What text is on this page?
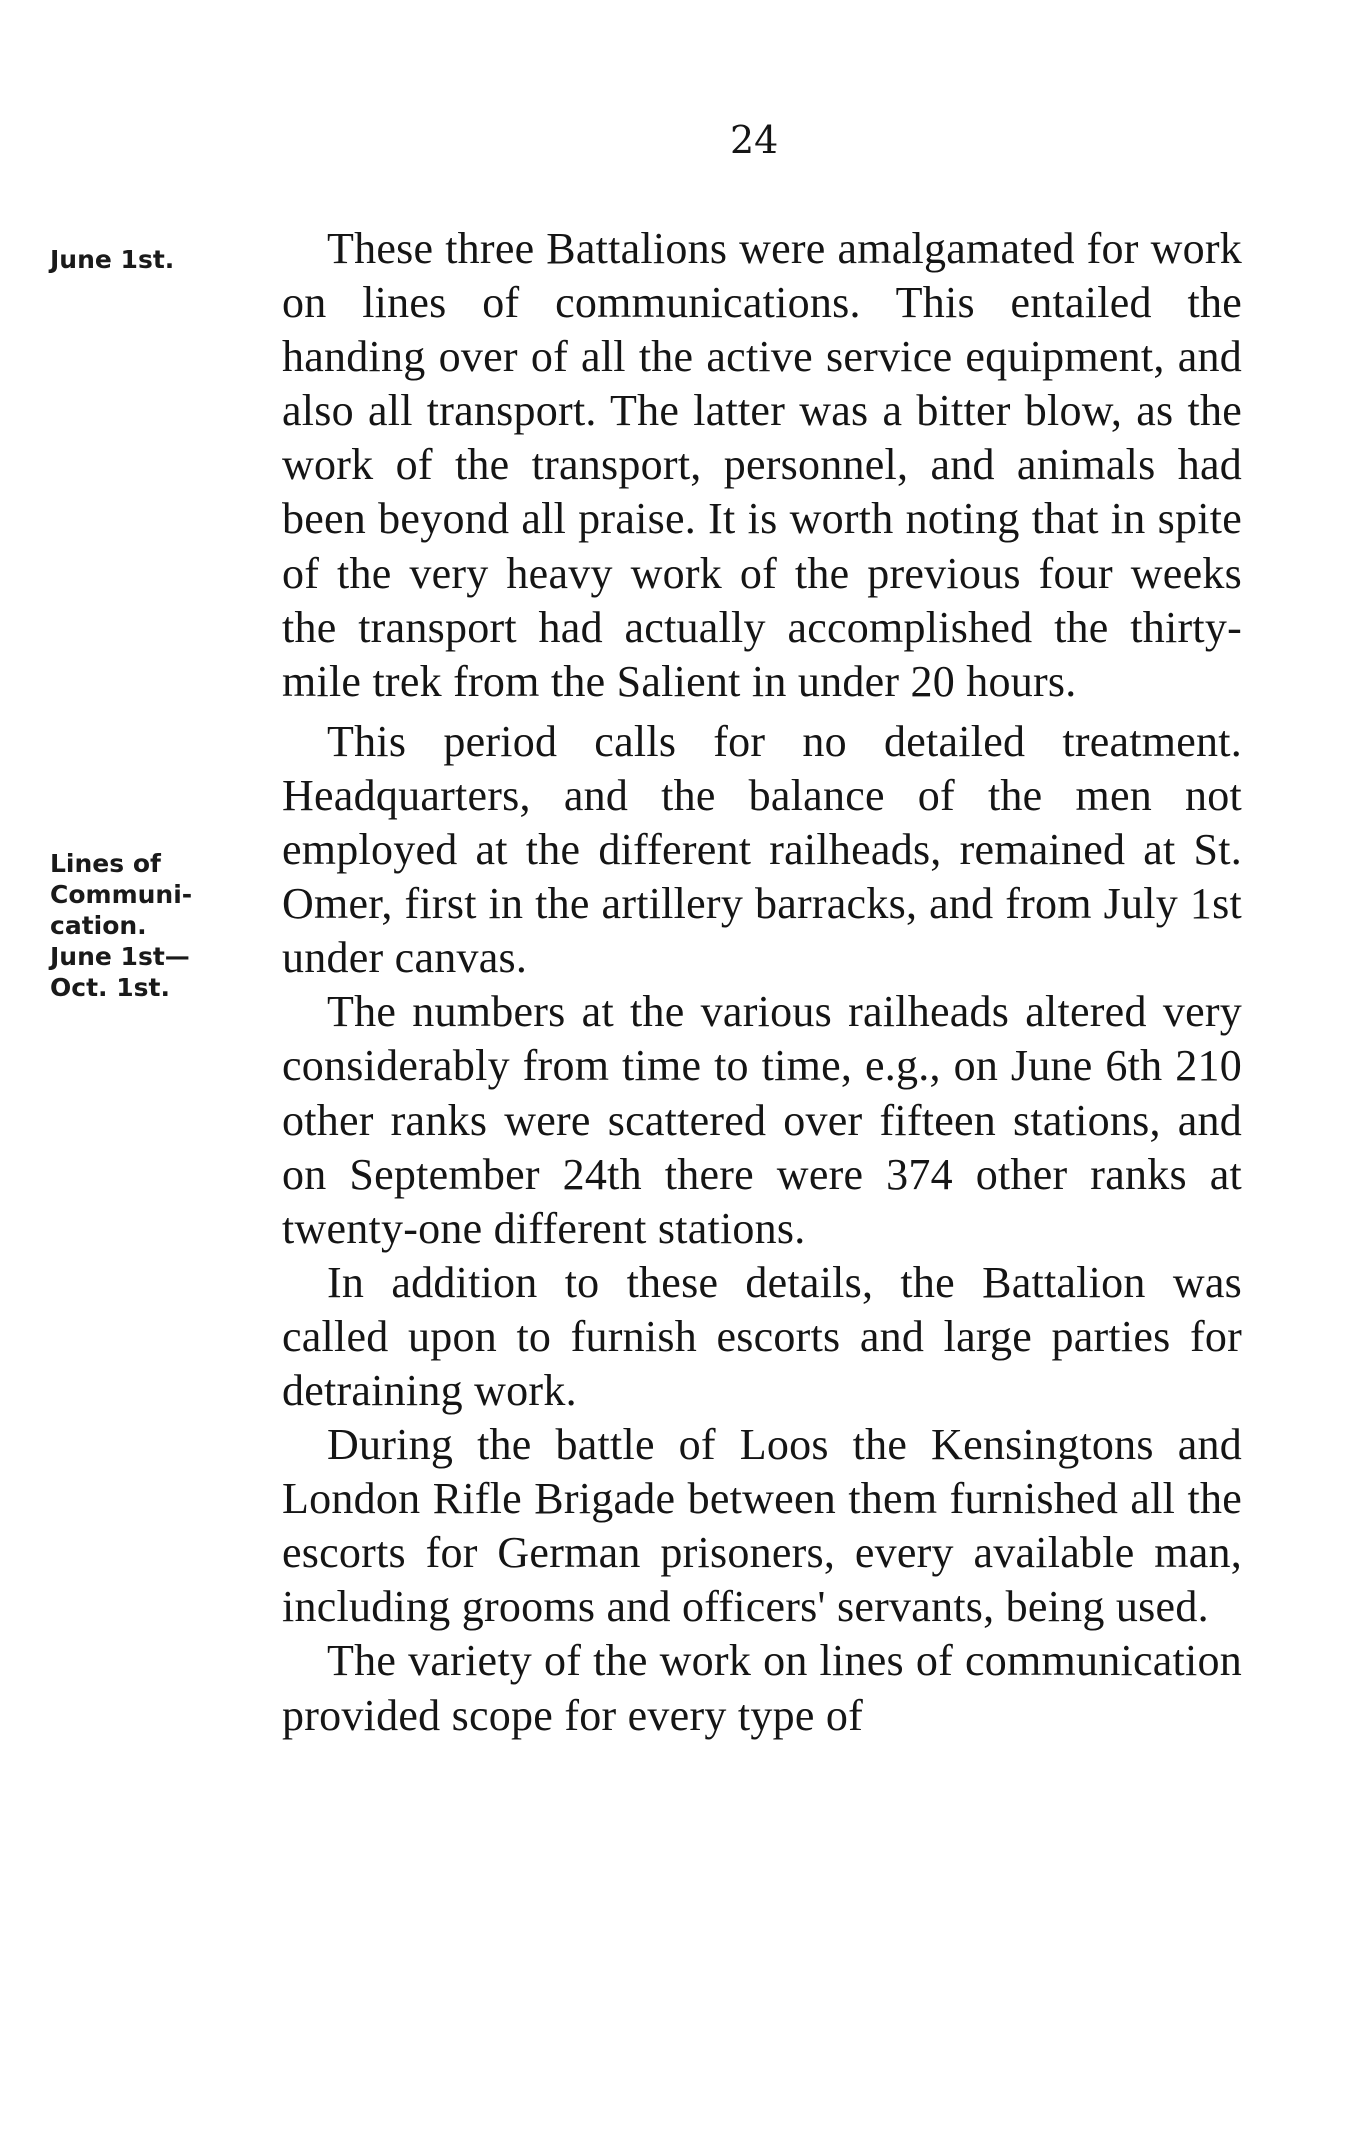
24
June 1st.
Lines of
Communi-
cation.
June 1st—
Oct. 1st.

These three Battalions were amalgamated for work on lines of communications. This entailed the handing over of all the active service equipment, and also all transport. The latter was a bitter blow, as the work of the transport, personnel, and animals had been beyond all praise. It is worth noting that in spite of the very heavy work of the previous four weeks the transport had actually accomplished the thirty-mile trek from the Salient in under 20 hours.

This period calls for no detailed treatment. Headquarters, and the balance of the men not employed at the different railheads, remained at St. Omer, first in the artillery barracks, and from July 1st under canvas.

The numbers at the various railheads altered very considerably from time to time, e.g., on June 6th 210 other ranks were scattered over fifteen stations, and on September 24th there were 374 other ranks at twenty-one different stations.

In addition to these details, the Battalion was called upon to furnish escorts and large parties for detraining work.

During the battle of Loos the Kensingtons and London Rifle Brigade between them furnished all the escorts for German prisoners, every available man, including grooms and officers' servants, being used.

The variety of the work on lines of communication provided scope for every type of
